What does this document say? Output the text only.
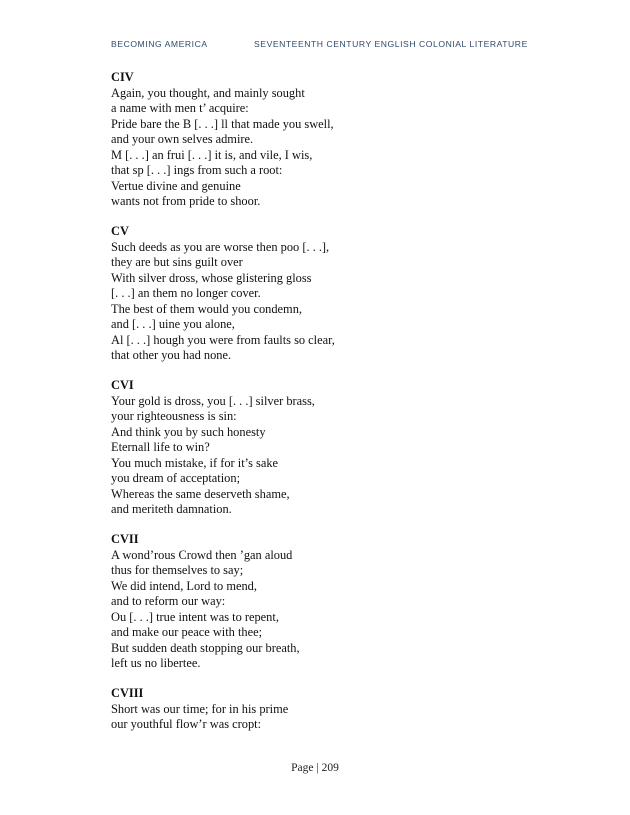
BECOMING AMERICA	SEVENTEENTH CENTURY ENGLISH COLONIAL LITERATURE
CIV
Again, you thought, and mainly sought
a name with men t’ acquire:
Pride bare the B [. . .] ll that made you swell,
and your own selves admire.
M [. . .] an frui [. . .] it is, and vile, I wis,
that sp [. . .] ings from such a root:
Vertue divine and genuine
wants not from pride to shoor.
CV
Such deeds as you are worse then poo [. . .],
they are but sins guilt over
With silver dross, whose glistering gloss
[. . .] an them no longer cover.
The best of them would you condemn,
and [. . .] uine you alone,
Al [. . .] hough you were from faults so clear,
that other you had none.
CVI
Your gold is dross, you [. . .] silver brass,
your righteousness is sin:
And think you by such honesty
Eternall life to win?
You much mistake, if for it’s sake
you dream of acceptation;
Whereas the same deserveth shame,
and meriteth damnation.
CVII
A wond’rous Crowd then ’gan aloud
thus for themselves to say;
We did intend, Lord to mend,
and to reform our way:
Ou [. . .] true intent was to repent,
and make our peace with thee;
But sudden death stopping our breath,
left us no libertee.
CVIII
Short was our time; for in his prime
our youthful flow’r was cropt:
Page | 209
